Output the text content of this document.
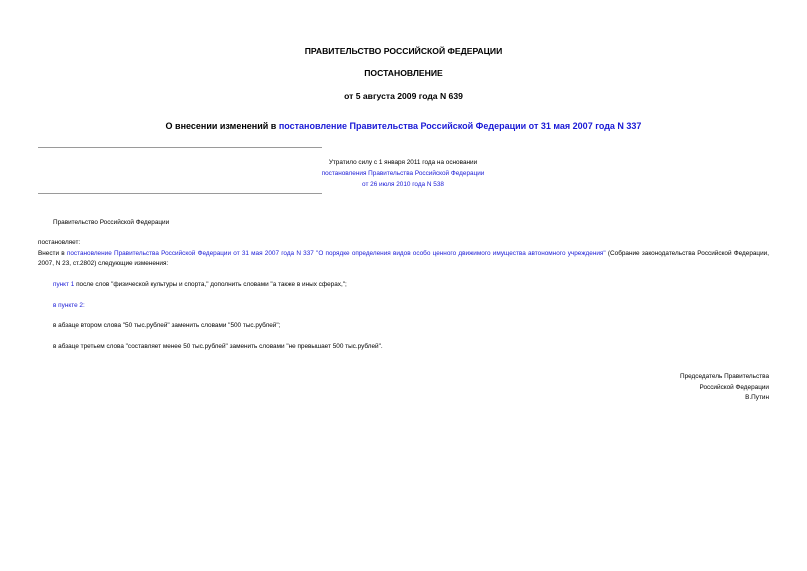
ПРАВИТЕЛЬСТВО РОССИЙСКОЙ ФЕДЕРАЦИИ
ПОСТАНОВЛЕНИЕ
от 5 августа 2009 года N 639
О внесении изменений в постановление Правительства Российской Федерации от 31 мая 2007 года N 337
Утратило силу с 1 января 2011 года на основании
постановления Правительства Российской Федерации
от 26 июля 2010 года N 538
Правительство Российской Федерации
постановляет:
Внести в постановление Правительства Российской Федерации от 31 мая 2007 года N 337 "О порядке определения видов особо ценного движимого имущества автономного учреждения" (Собрание законодательства Российской Федерации, 2007, N 23, ст.2802) следующие изменения:
пункт 1 после слов "физической культуры и спорта," дополнить словами "а также в иных сферах,";
в пункте 2:
в абзаце втором слова "50 тыс.рублей" заменить словами "500 тыс.рублей";
в абзаце третьем слова "составляет менее 50 тыс.рублей" заменить словами "не превышает 500 тыс.рублей".
Председатель Правительства
Российской Федерации
В.Путин
